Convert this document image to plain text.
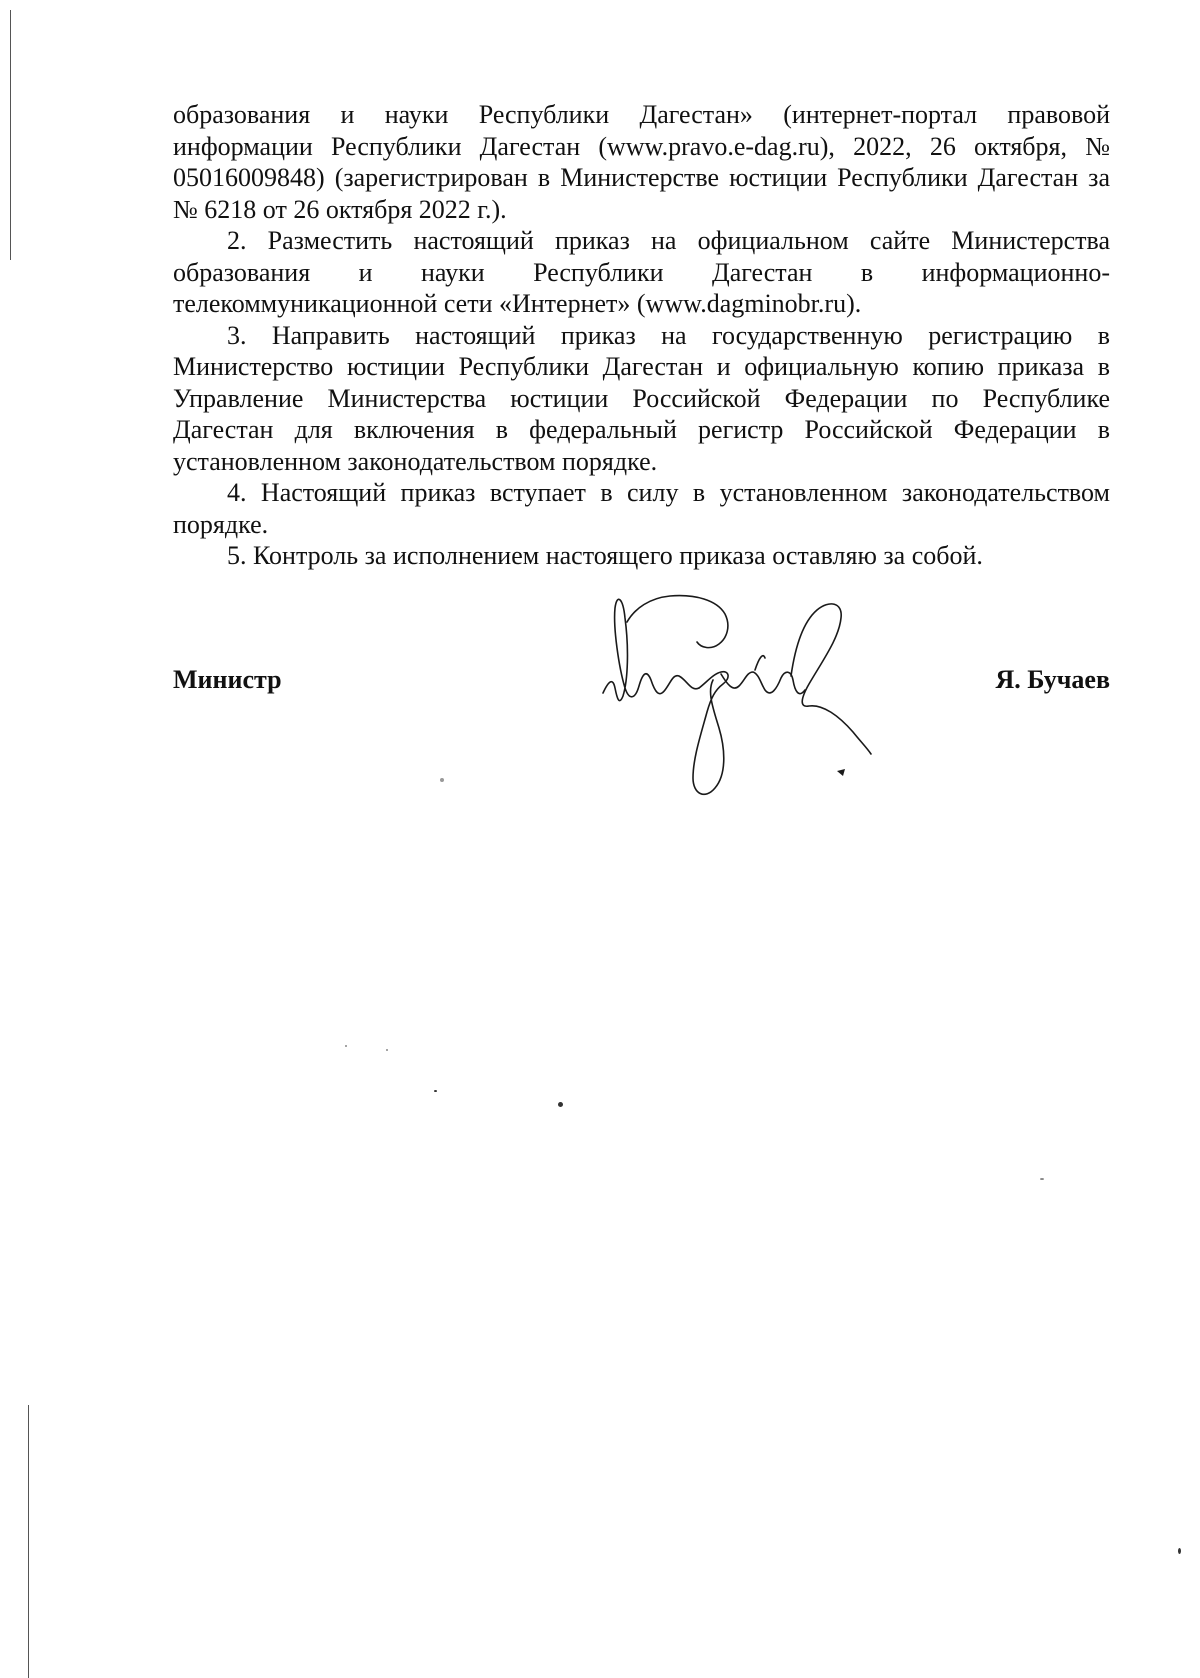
образования и науки Республики Дагестан» (интернет-портал правовой информации Республики Дагестан (www.pravo.e-dag.ru), 2022, 26 октября, № 05016009848) (зарегистрирован в Министерстве юстиции Республики Дагестан за № 6218 от 26 октября 2022 г.).

2. Разместить настоящий приказ на официальном сайте Министерства образования и науки Республики Дагестан в информационно-телекоммуникационной сети «Интернет» (www.dagminobr.ru).

3. Направить настоящий приказ на государственную регистрацию в Министерство юстиции Республики Дагестан и официальную копию приказа в Управление Министерства юстиции Российской Федерации по Республике Дагестан для включения в федеральный регистр Российской Федерации в установленном законодательством порядке.

4. Настоящий приказ вступает в силу в установленном законодательством порядке.

5. Контроль за исполнением настоящего приказа оставляю за собой.

Министр	Я. Бучаев
